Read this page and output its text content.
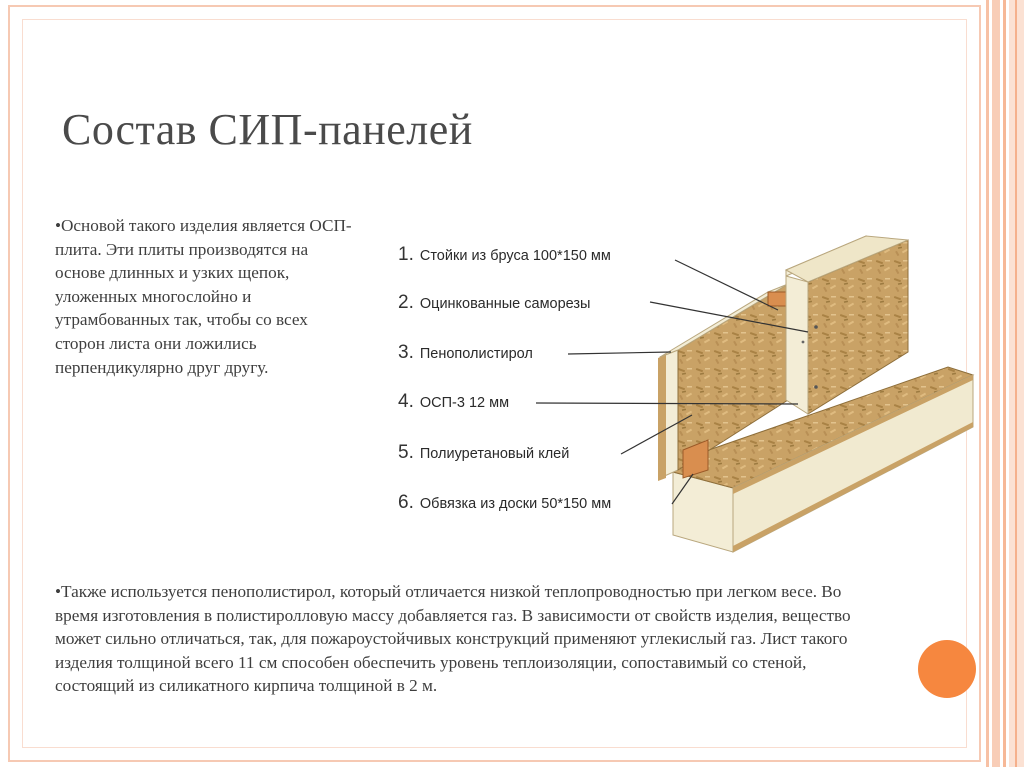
Состав СИП-панелей

•Основой такого изделия является ОСП-плита. Эти плиты производятся на основе длинных и узких щепок, уложенных многослойно и утрамбованных так, чтобы со всех сторон листа они ложились перпендикулярно друг другу.

1. Стойки из бруса 100*150 мм
2. Оцинкованные саморезы
3. Пенополистирол
4. ОСП-3 12 мм
5. Полиуретановый клей
6. Обвязка из доски 50*150 мм

•Также используется пенополистирол, который отличается низкой теплопроводностью при легком весе. Во время изготовления в полистиролловую массу добавляется газ. В зависимости от свойств изделия, вещество может сильно отличаться, так, для пожароустойчивых конструкций применяют углекислый газ. Лист такого изделия толщиной всего 11 см способен обеспечить уровень теплоизоляции, сопоставимый со стеной, состоящий из силикатного кирпича толщиной в 2 м.
